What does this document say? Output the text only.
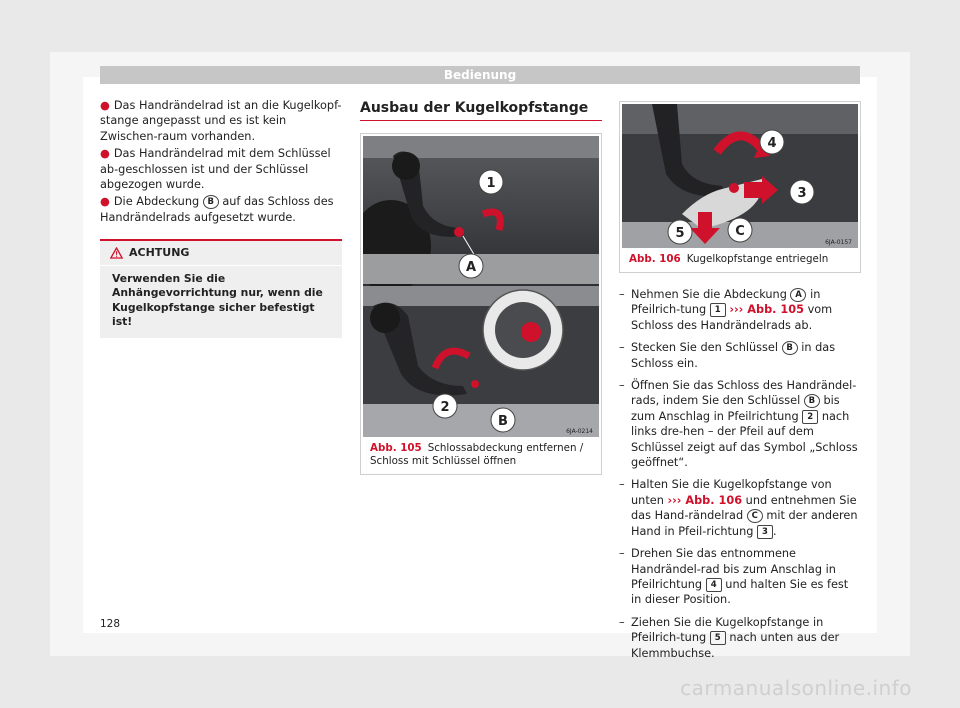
Bedienung
● Das Handrändelrad ist an die Kugelkopf-stange angepasst und es ist kein Zwischen-raum vorhanden.
● Das Handrändelrad mit dem Schlüssel ab-geschlossen ist und der Schlüssel abgezogen wurde.
● Die Abdeckung B auf das Schloss des Handrändelrads aufgesetzt wurde.
ACHTUNG
Verwenden Sie die Anhängevorrichtung nur, wenn die Kugelkopfstange sicher befestigt ist!
Ausbau der Kugelkopfstange
1
A
2
B
6JA-0214
Abb. 105 Schlossabdeckung entfernen / Schloss mit Schlüssel öffnen
4
3
5	C
6JA-0157
Abb. 106 Kugelkopfstange entriegeln
– Nehmen Sie die Abdeckung A in Pfeilrich-tung 1 ››› Abb. 105 vom Schloss des Handrändelrads ab.
– Stecken Sie den Schlüssel B in das Schloss ein.
– Öffnen Sie das Schloss des Handrändel-rads, indem Sie den Schlüssel B bis zum Anschlag in Pfeilrichtung 2 nach links dre-hen – der Pfeil auf dem Schlüssel zeigt auf das Symbol „Schloss geöffnet“.
– Halten Sie die Kugelkopfstange von unten ››› Abb. 106 und entnehmen Sie das Hand-rändelrad C mit der anderen Hand in Pfeil-richtung 3 .
– Drehen Sie das entnommene Handrändel-rad bis zum Anschlag in Pfeilrichtung 4 und halten Sie es fest in dieser Position.
– Ziehen Sie die Kugelkopfstange in Pfeilrich-tung 5 nach unten aus der Klemmbuchse.
128
carmanualsonline.info
